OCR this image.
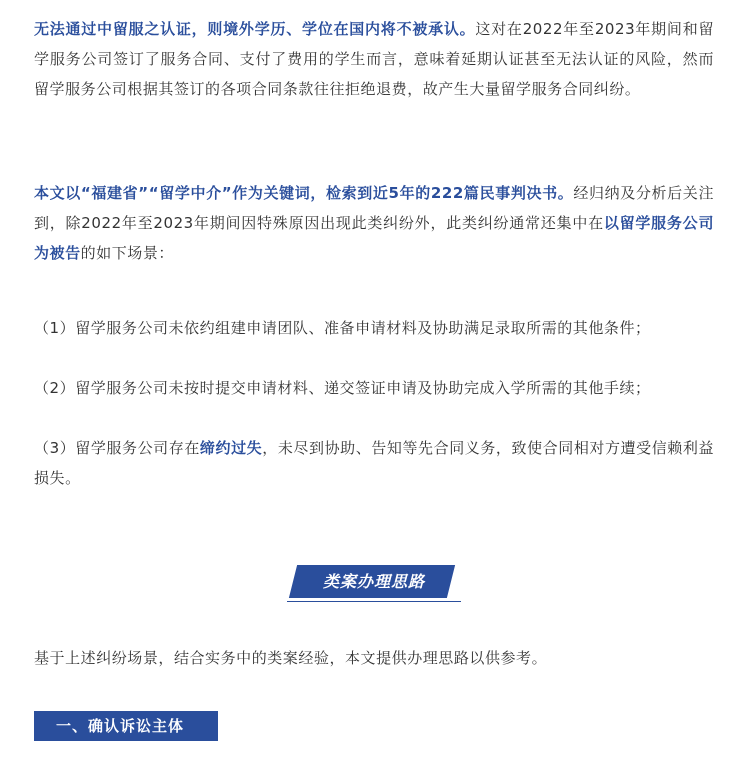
无法通过中留服之认证，则境外学历、学位在国内将不被承认。这对在2022年至2023年期间和留学服务公司签订了服务合同、支付了费用的学生而言，意味着延期认证甚至无法认证的风险，然而留学服务公司根据其签订的各项合同条款往往拒绝退费，故产生大量留学服务合同纠纷。

本文以“福建省”“留学中介”作为关键词，检索到近5年的222篇民事判决书。经归纳及分析后关注到，除2022年至2023年期间因特殊原因出现此类纠纷外，此类纠纷通常还集中在以留学服务公司为被告的如下场景：

（1）留学服务公司未依约组建申请团队、准备申请材料及协助满足录取所需的其他条件；

（2）留学服务公司未按时提交申请材料、递交签证申请及协助完成入学所需的其他手续；

（3）留学服务公司存在缔约过失，未尽到协助、告知等先合同义务，致使合同相对方遭受信赖利益损失。

基于上述纠纷场景，结合实务中的类案经验，本文提供办理思路以供参考。

类案办理思路
一、确认诉讼主体
